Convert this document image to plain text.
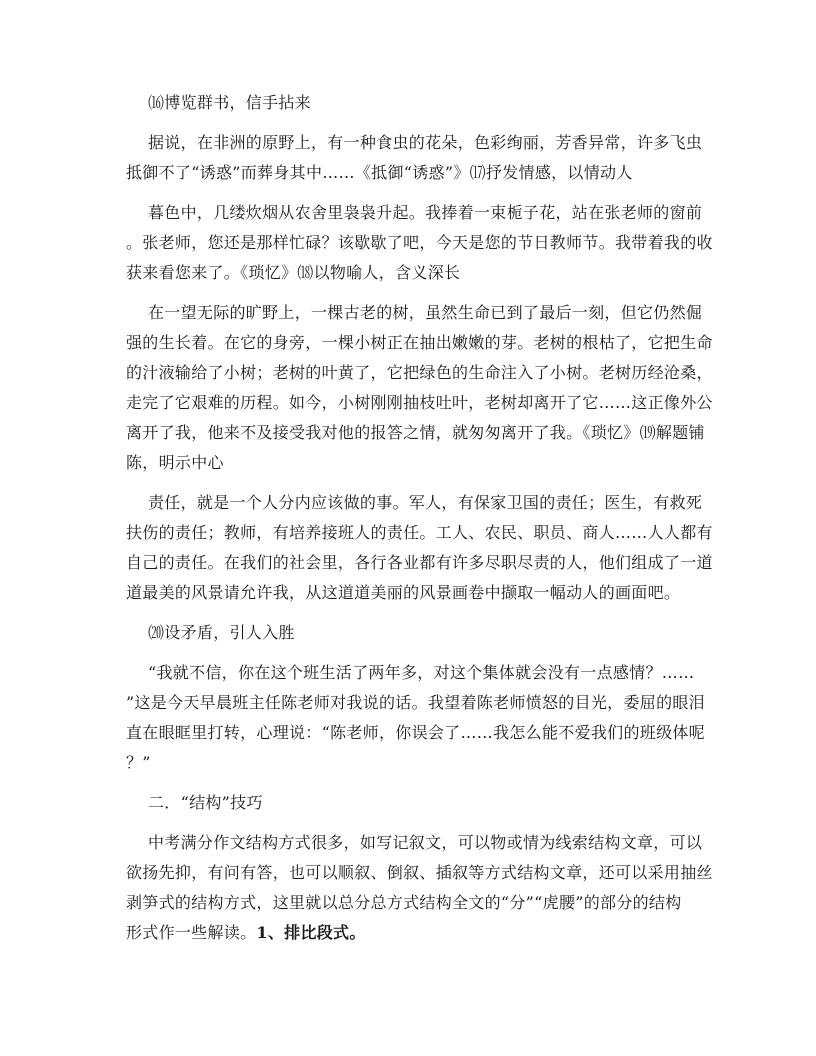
⒃博览群书，信手拈来
据说，在非洲的原野上，有一种食虫的花朵，色彩绚丽，芳香异常，许多飞虫
抵御不了“诱惑”而葬身其中……《抵御“诱惑”》⒄抒发情感，以情动人
暮色中，几缕炊烟从农舍里袅袅升起。我捧着一束栀子花，站在张老师的窗前
。张老师，您还是那样忙碌？该歇歇了吧，今天是您的节日教师节。我带着我的收
获来看您来了。《琐忆》⒅以物喻人，含义深长
在一望无际的旷野上，一棵古老的树，虽然生命已到了最后一刻，但它仍然倔
强的生长着。在它的身旁，一棵小树正在抽出嫩嫩的芽。老树的根枯了，它把生命
的汁液输给了小树；老树的叶黄了，它把绿色的生命注入了小树。老树历经沧桑，
走完了它艰难的历程。如今，小树刚刚抽枝吐叶，老树却离开了它……这正像外公
离开了我，他来不及接受我对他的报答之情，就匆匆离开了我。《琐忆》⒆解题铺
陈，明示中心
责任，就是一个人分内应该做的事。军人，有保家卫国的责任；医生，有救死
扶伤的责任；教师，有培养接班人的责任。工人、农民、职员、商人……人人都有
自己的责任。在我们的社会里，各行各业都有许多尽职尽责的人，他们组成了一道
道最美的风景请允许我，从这道道美丽的风景画卷中撷取一幅动人的画面吧。
⒇设矛盾，引人入胜
“我就不信，你在这个班生活了两年多，对这个集体就会没有一点感情？……
”这是今天早晨班主任陈老师对我说的话。我望着陈老师愤怒的目光，委屈的眼泪
直在眼眶里打转，心理说：“陈老师，你误会了……我怎么能不爱我们的班级体呢
？”
二．“结构”技巧
中考满分作文结构方式很多，如写记叙文，可以物或情为线索结构文章，可以
欲扬先抑，有问有答，也可以顺叙、倒叙、插叙等方式结构文章，还可以采用抽丝
剥笋式的结构方式，这里就以总分总方式结构全文的“分”“虎腰”的部分的结构
形式作一些解读。1、排比段式。
